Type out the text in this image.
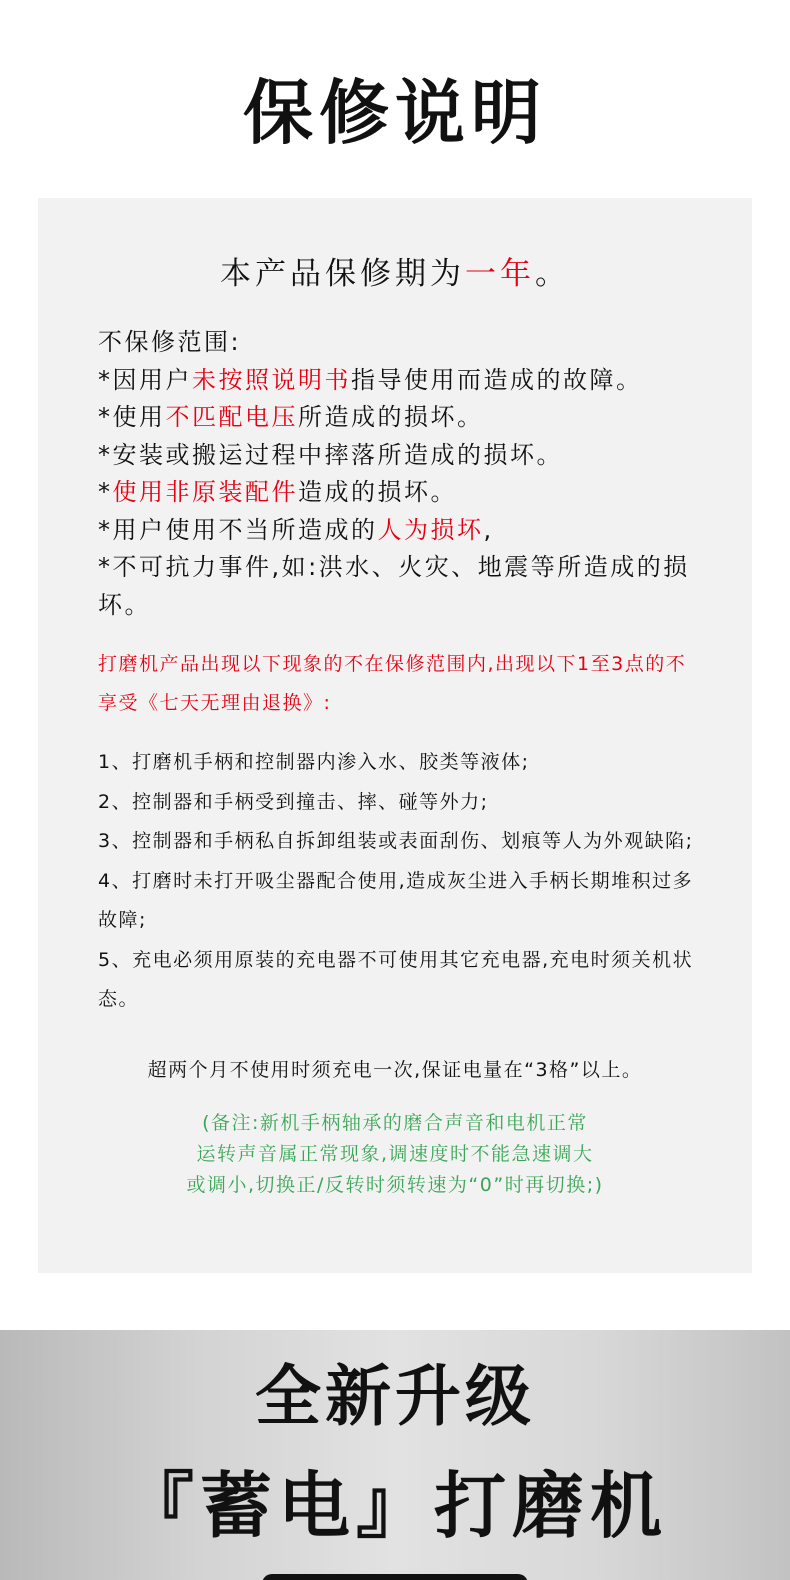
保修说明
本产品保修期为一年。
不保修范围:
*因用户未按照说明书指导使用而造成的故障。
*使用不匹配电压所造成的损坏。
*安装或搬运过程中摔落所造成的损坏。
*使用非原装配件造成的损坏。
*用户使用不当所造成的人为损坏,
*不可抗力事件,如:洪水、火灾、地震等所造成的损坏。
打磨机产品出现以下现象的不在保修范围内,出现以下1至3点的不享受《七天无理由退换》:
1、打磨机手柄和控制器内渗入水、胶类等液体;
2、控制器和手柄受到撞击、摔、碰等外力;
3、控制器和手柄私自拆卸组装或表面刮伤、划痕等人为外观缺陷;
4、打磨时未打开吸尘器配合使用,造成灰尘进入手柄长期堆积过多故障;
5、充电必须用原装的充电器不可使用其它充电器,充电时须关机状态。
超两个月不使用时须充电一次,保证电量在“3格”以上。
(备注:新机手柄轴承的磨合声音和电机正常
运转声音属正常现象,调速度时不能急速调大
或调小,切换正/反转时须转速为“0”时再切换;)
全新升级
『蓄电』打磨机
